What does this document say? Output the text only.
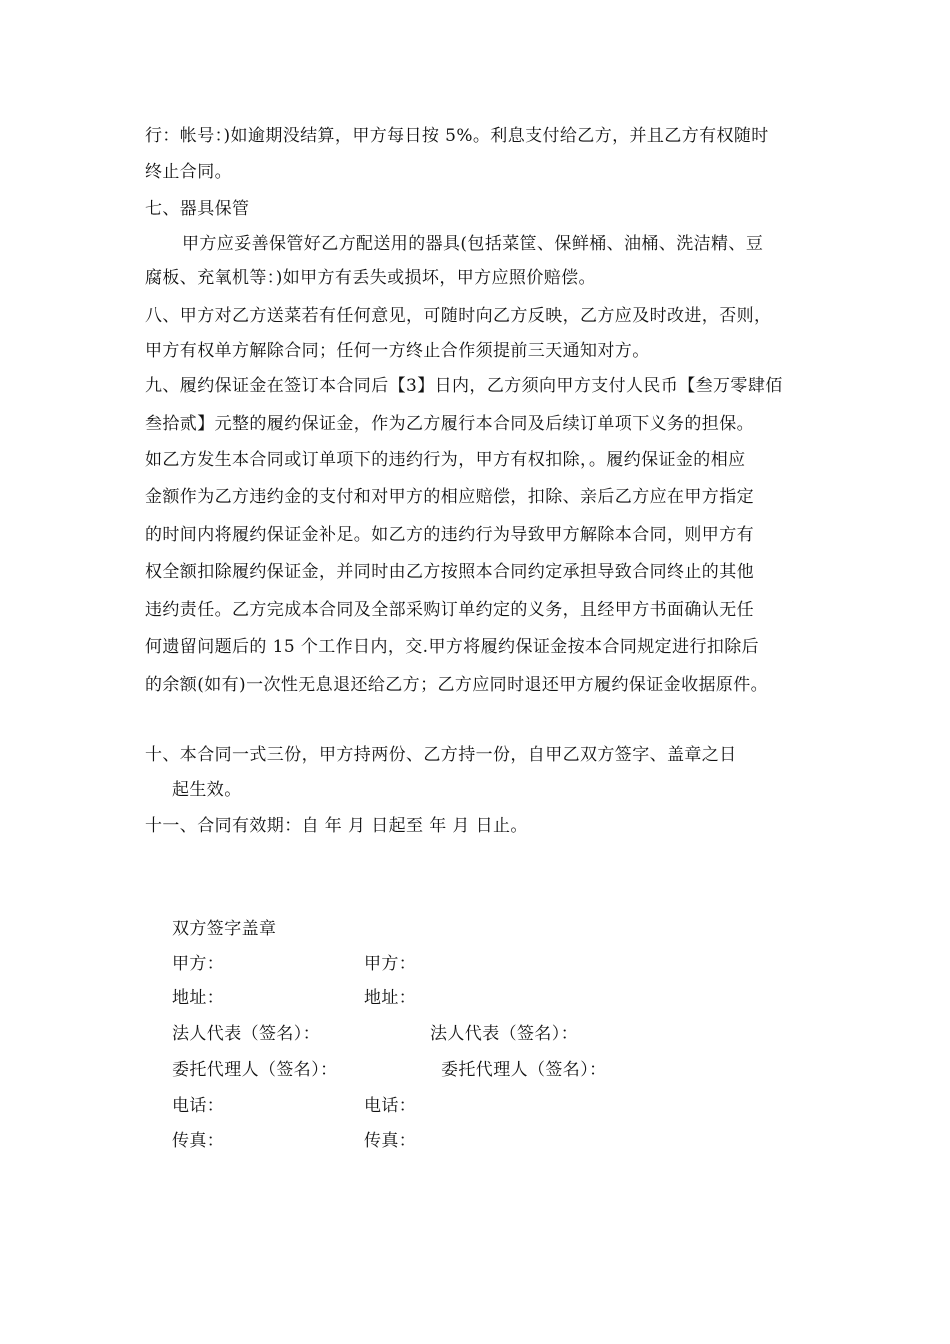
行：帐号：)如逾期没结算，甲方每日按 5%。利息支付给乙方，并且乙方有权随时
终止合同。
七、器具保管
甲方应妥善保管好乙方配送用的器具(包括菜筐、保鲜桶、油桶、洗洁精、豆
腐板、充氧机等：)如甲方有丢失或损坏，甲方应照价赔偿。
八、甲方对乙方送菜若有任何意见，可随时向乙方反映，乙方应及时改进，否则，
甲方有权单方解除合同；任何一方终止合作须提前三天通知对方。
九、履约保证金在签订本合同后【3】日内，乙方须向甲方支付人民币【叁万零肆佰
叁拾贰】元整的履约保证金，作为乙方履行本合同及后续订单项下义务的担保。
如乙方发生本合同或订单项下的违约行为，甲方有权扣除，。履约保证金的相应
金额作为乙方违约金的支付和对甲方的相应赔偿，扣除、亲后乙方应在甲方指定
的时间内将履约保证金补足。如乙方的违约行为导致甲方解除本合同，则甲方有
权全额扣除履约保证金，并同时由乙方按照本合同约定承担导致合同终止的其他
违约责任。乙方完成本合同及全部采购订单约定的义务，且经甲方书面确认无任
何遗留问题后的 15 个工作日内，交.甲方将履约保证金按本合同规定进行扣除后
的余额(如有)一次性无息退还给乙方；乙方应同时退还甲方履约保证金收据原件。
十、本合同一式三份，甲方持两份、乙方持一份，自甲乙双方签字、盖章之日
起生效。
十一、合同有效期：自 年 月 日起至 年 月 日止。
双方签字盖章
甲方：	甲方：
地址：	地址：
法人代表（签名）：	法人代表（签名）：
委托代理人（签名）：	委托代理人（签名）：
电话：	电话：
传真：	传真：
